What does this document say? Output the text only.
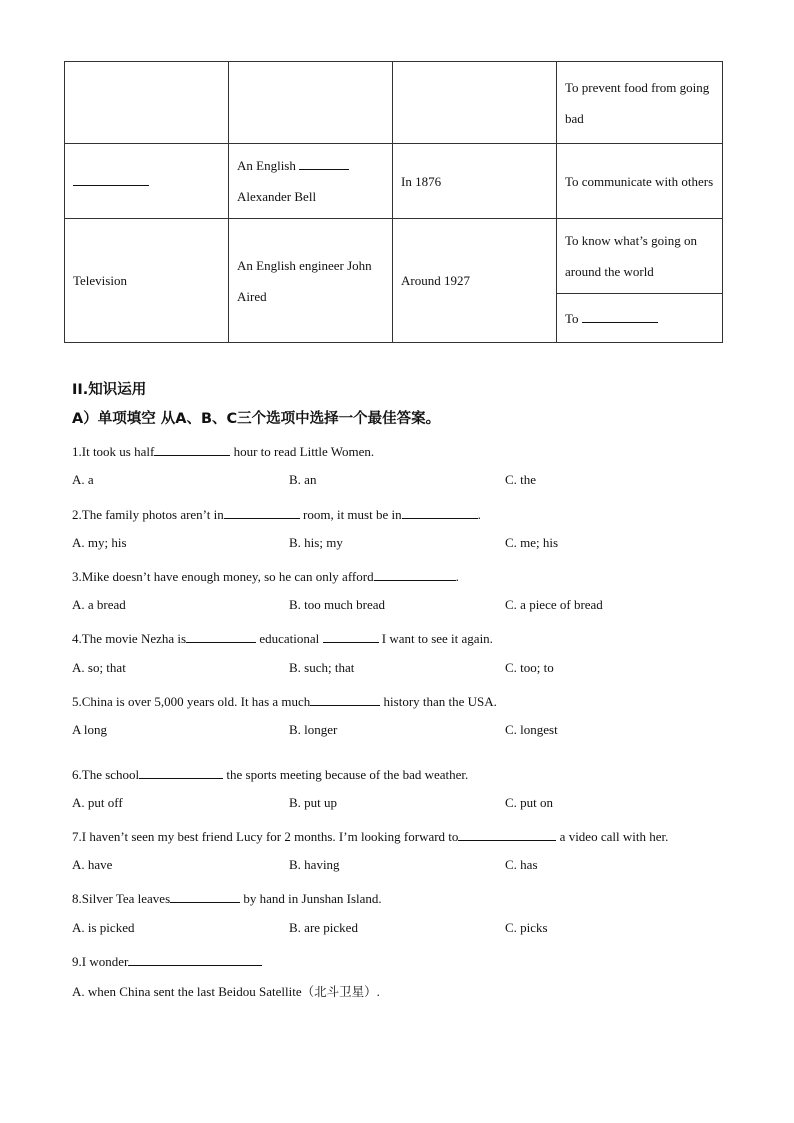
			To prevent food from going bad
	An English  Alexander Bell	In 1876	To communicate with others
Television	An English engineer John Aired	Around 1927	To know what’s going on around the world
			To
II.知识运用
A）单项填空 从A、B、C三个选项中选择一个最佳答案。
1.It took us half	hour to read Little Women.
A. a	B. an	C. the
2.The family photos aren’t in	room, it must be in	.
A. my; his	B. his; my	C. me; his
3.Mike doesn’t have enough money, so he can only afford	.
A. a bread	B. too much bread	C. a piece of bread
4.The movie Nezha is	educational	I want to see it again.
A. so; that	B. such; that	C. too; to
5.China is over 5,000 years old. It has a much	history than the USA.
A long	B. longer	C. longest
6.The school	the sports meeting because of the bad weather.
A. put off	B. put up	C. put on
7.I haven’t seen my best friend Lucy for 2 months. I’m looking forward to	a video call with her.
A. have	B. having	C. has
8.Silver Tea leaves	by hand in Junshan Island.
A. is picked	B. are picked	C. picks
9.I wonder
A. when China sent the last Beidou Satellite（北斗卫星）.
